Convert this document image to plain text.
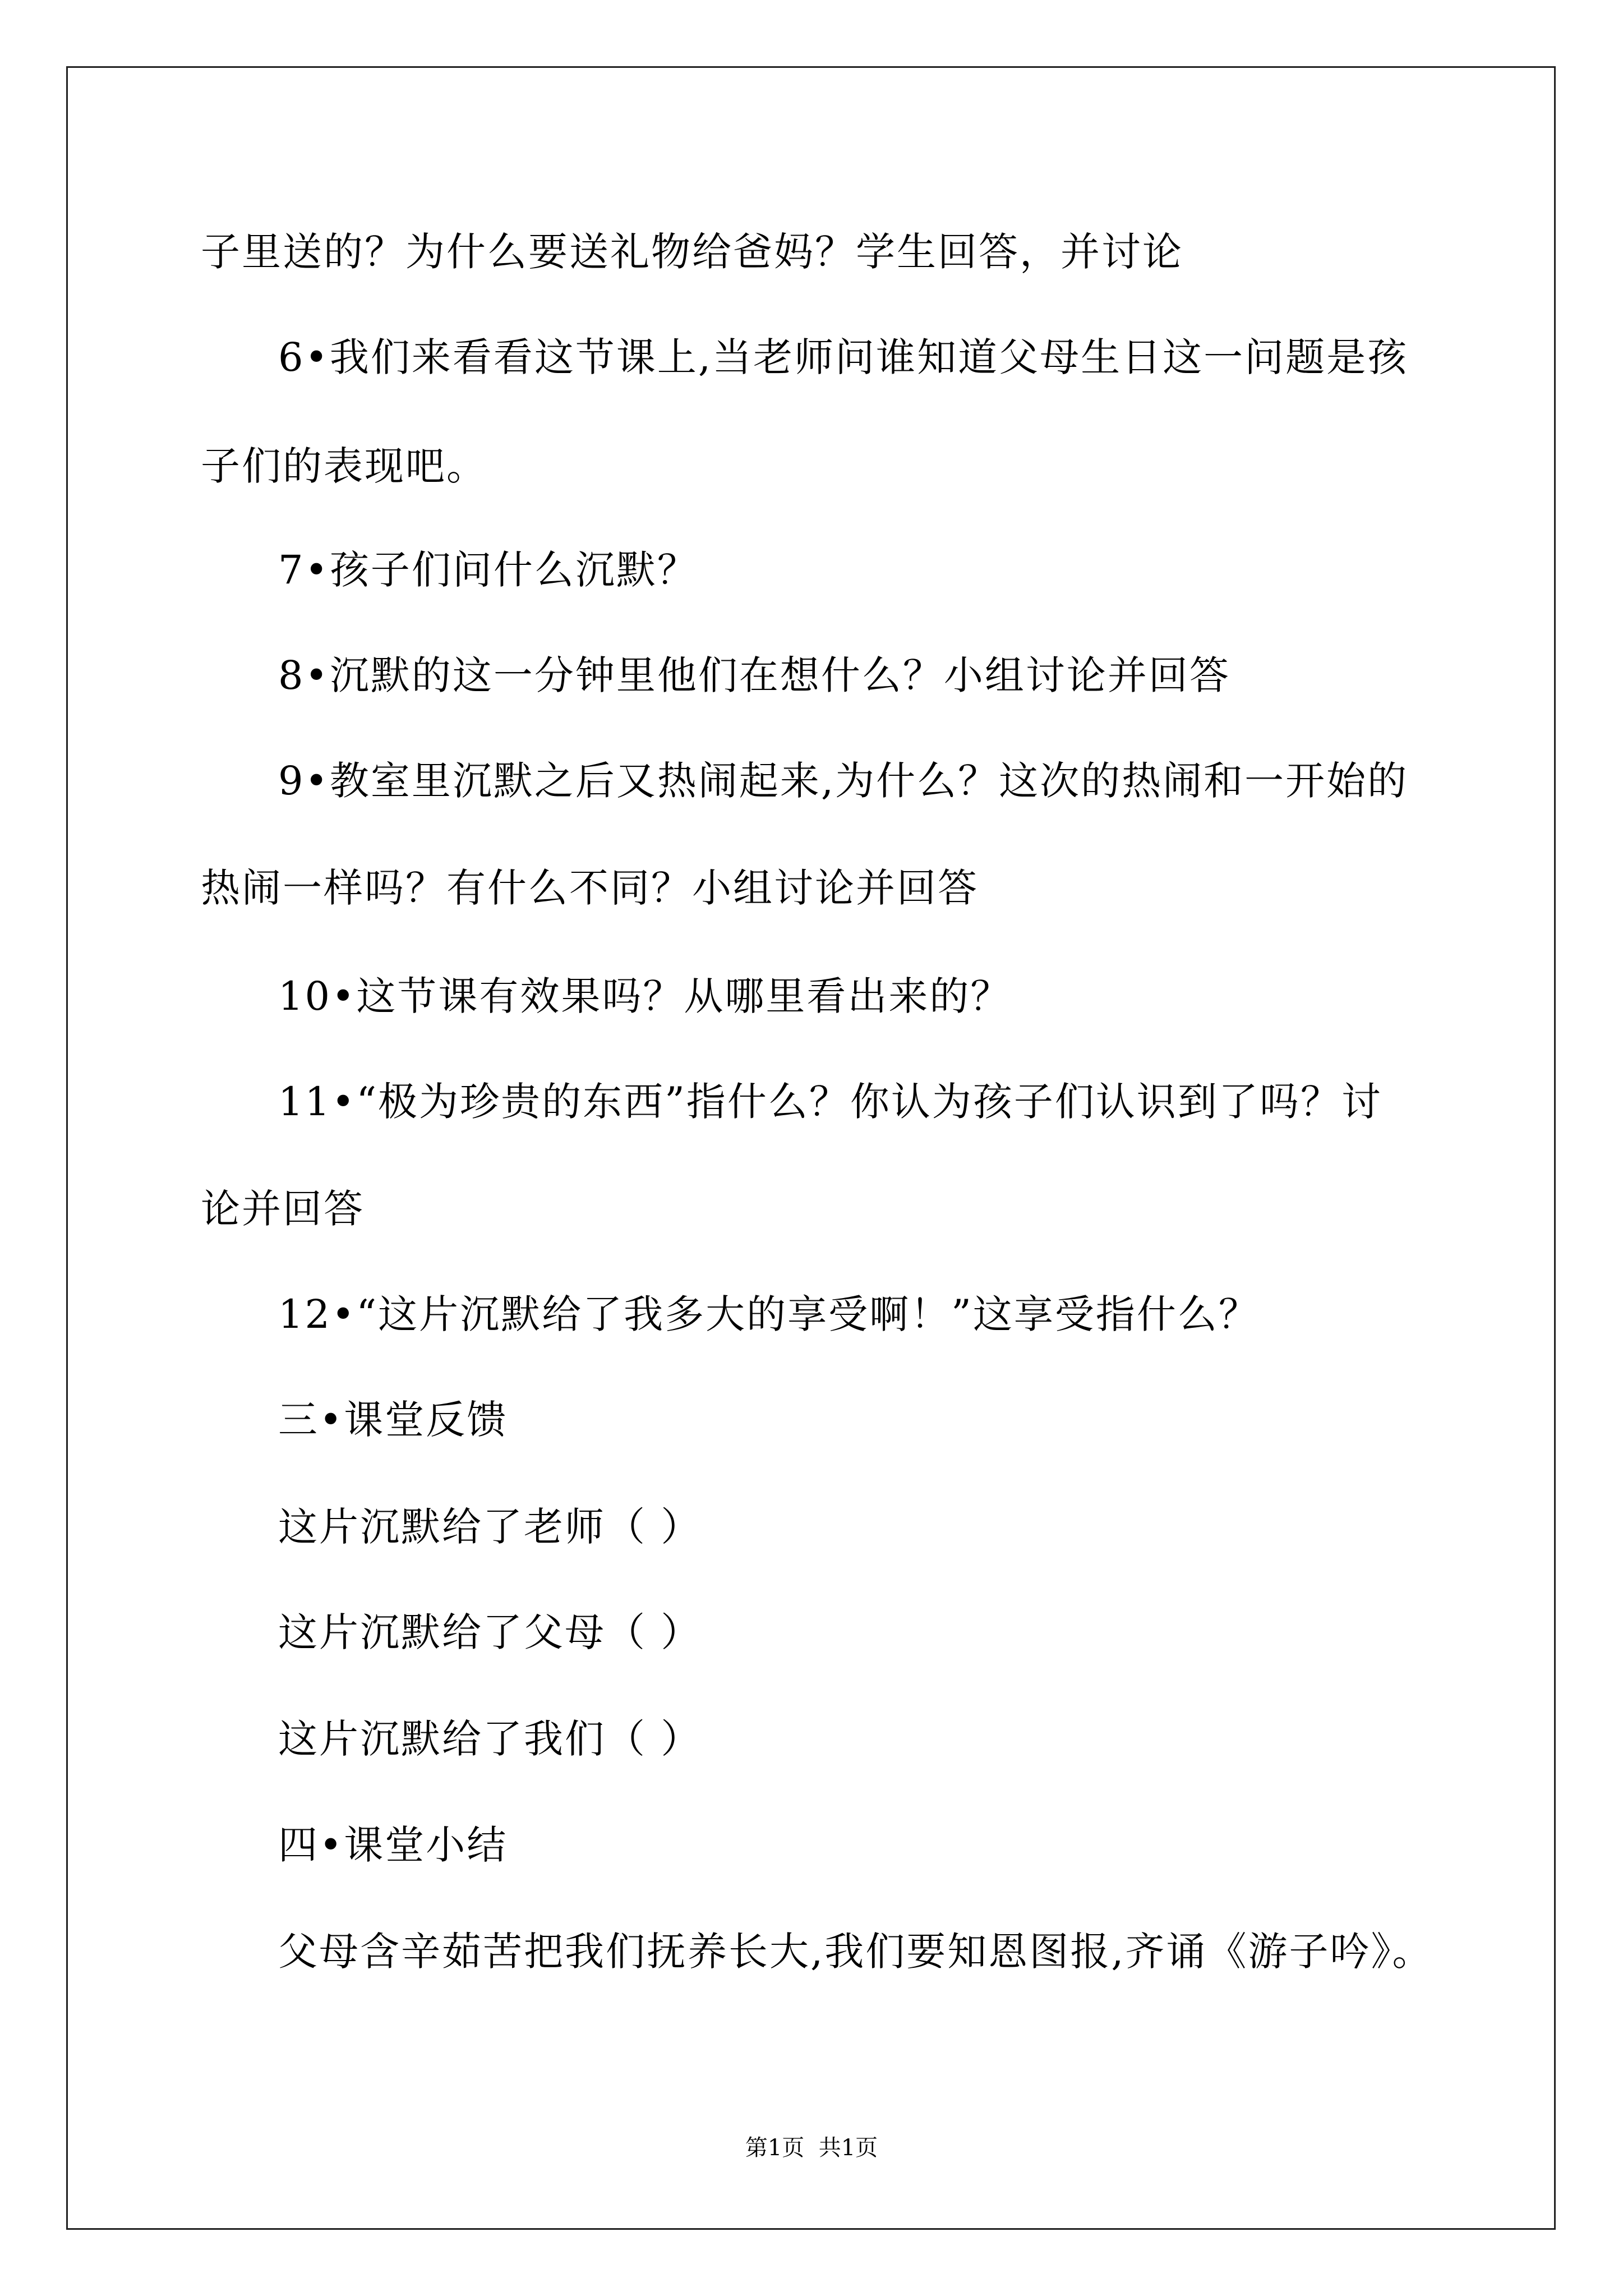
子里送的？为什么要送礼物给爸妈？学生回答，并讨论
6•我们来看看这节课上,当老师问谁知道父母生日这一问题是孩
子们的表现吧。
7•孩子们问什么沉默？
8•沉默的这一分钟里他们在想什么？小组讨论并回答
9•教室里沉默之后又热闹起来,为什么？这次的热闹和一开始的
热闹一样吗？有什么不同？小组讨论并回答
10•这节课有效果吗？从哪里看出来的？
11•“极为珍贵的东西”指什么？你认为孩子们认识到了吗？讨
论并回答
12•“这片沉默给了我多大的享受啊！”这享受指什么？
三•课堂反馈
这片沉默给了老师（ ）
这片沉默给了父母（ ）
这片沉默给了我们（ ）
四•课堂小结
父母含辛茹苦把我们抚养长大,我们要知恩图报,齐诵《游子吟》。
第1页  共1页
